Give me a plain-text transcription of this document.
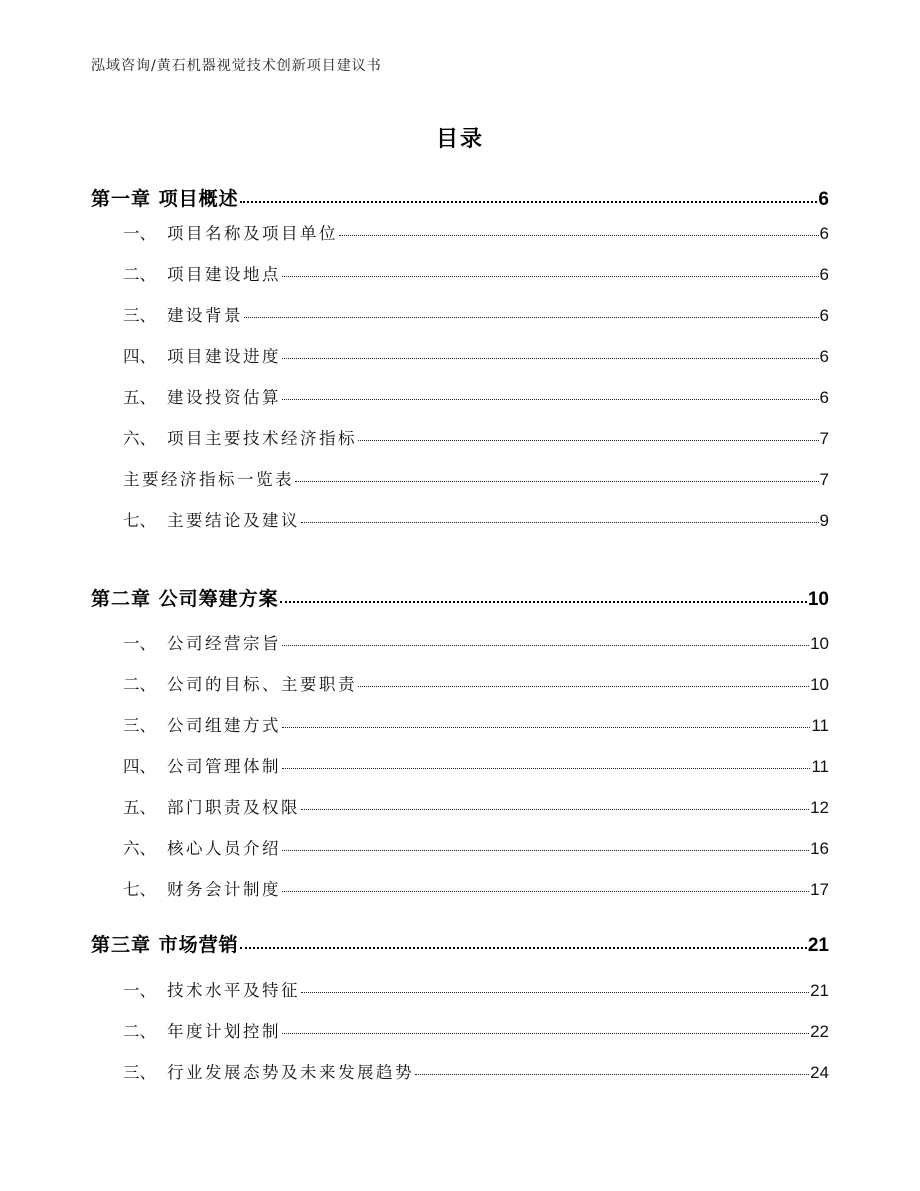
泓域咨询/黄石机器视觉技术创新项目建议书
目录
第一章 项目概述	6
一、 项目名称及项目单位	6
二、 项目建设地点	6
三、 建设背景	6
四、 项目建设进度	6
五、 建设投资估算	6
六、 项目主要技术经济指标	7
主要经济指标一览表	7
七、 主要结论及建议	9
第二章 公司筹建方案	10
一、 公司经营宗旨	10
二、 公司的目标、主要职责	10
三、 公司组建方式	11
四、 公司管理体制	11
五、 部门职责及权限	12
六、 核心人员介绍	16
七、 财务会计制度	17
第三章 市场营销	21
一、 技术水平及特征	21
二、 年度计划控制	22
三、 行业发展态势及未来发展趋势	24
